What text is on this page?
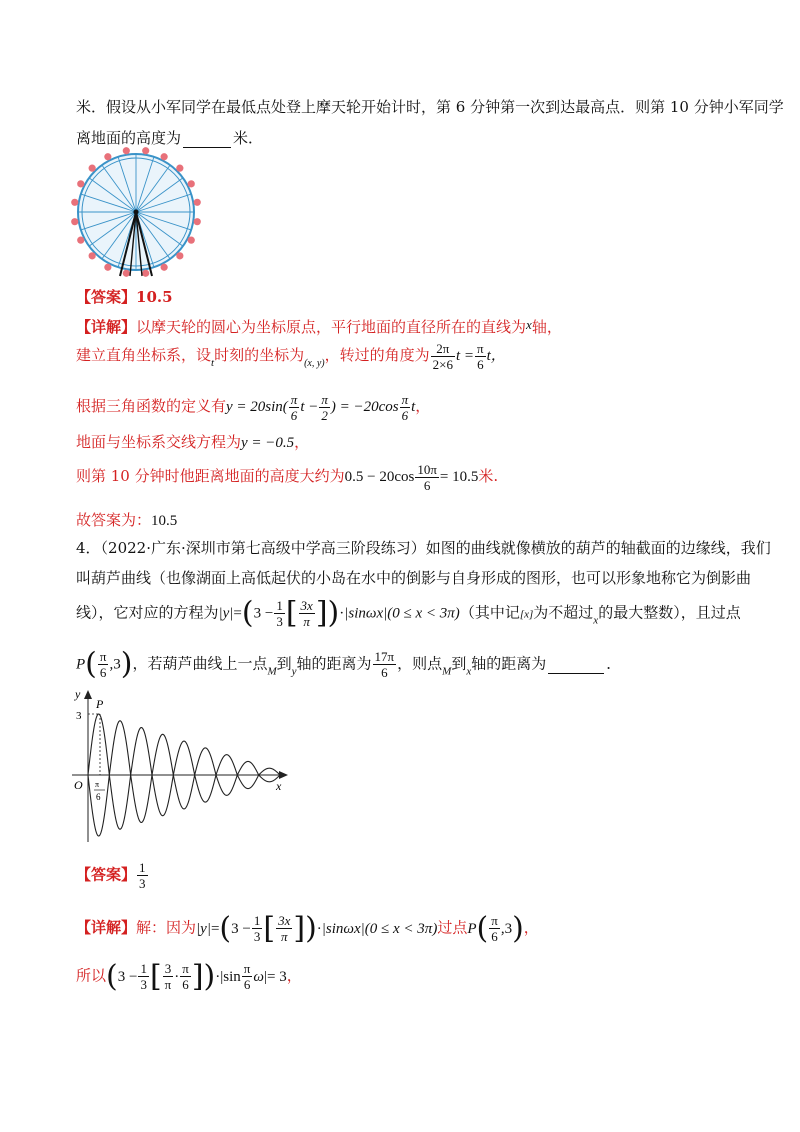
米．假设从小军同学在最低点处登上摩天轮开始计时，第 6 分钟第一次到达最高点．则第 10 分钟小军同学
离地面的高度为	米．
【答案】10.5
【详解】以摩天轮的圆心为坐标原点，平行地面的直径所在的直线为x轴，
建立直角坐标系，设$_t$时刻的坐标为$_{(x, y)}$，转过的角度为 $\frac{2\pi}{2\times 6}$ $t = \frac{\pi}{6}$ t，
根据三角函数的定义有$y = 20\sin( \frac{\pi}{6}$ $t - \frac{\pi}{2}$ ) = $-20\cos \frac{\pi}{6}$ t，
地面与坐标系交线方程为y = −0.5，
则第 10 分钟时他距离地面的高度大约为$0.5 - 20\cos \frac{10\pi}{6} = 10.5$米.
故答案为：10.5
4．（2022·广东·深圳市第七高级中学高三阶段练习）如图的曲线就像横放的葫芦的轴截面的边缘线，我们
叫葫芦曲线（也像湖面上高低起伏的小岛在水中的倒影与自身形成的图形，也可以形象地称它为倒影曲
线），它对应的方程为$|y|=(3 - \frac{1}{3}$ [ $\frac{3x}{\pi} ])\cdot|\sin\omega x|(0 \le x < 3\pi)$（其中记[x]为不超过$_x$的最大整数），且过点
$P( \frac{\pi}{6} ,3)$，若葫芦曲线上一点$_M$到$_y$轴的距离为 $\frac{17\pi}{6}$ ，则点$_M$到$_x$轴的距离为	．
y
x
O
3
P
π
6
【答案】 $\frac{1}{3}$
【详解】解：因为$|y|=(3 - \frac{1}{3}$ [ $\frac{3x}{\pi} ])\cdot|\sin\omega x|(0 \le x < 3\pi)$过点$P( \frac{\pi}{6} ,3)$，
所以($3 - \frac{1}{3}$ [ $\frac{3}{\pi} \cdot \frac{\pi}{6} ])\cdot|\sin \frac{\pi}{6} \omega|= 3$，
